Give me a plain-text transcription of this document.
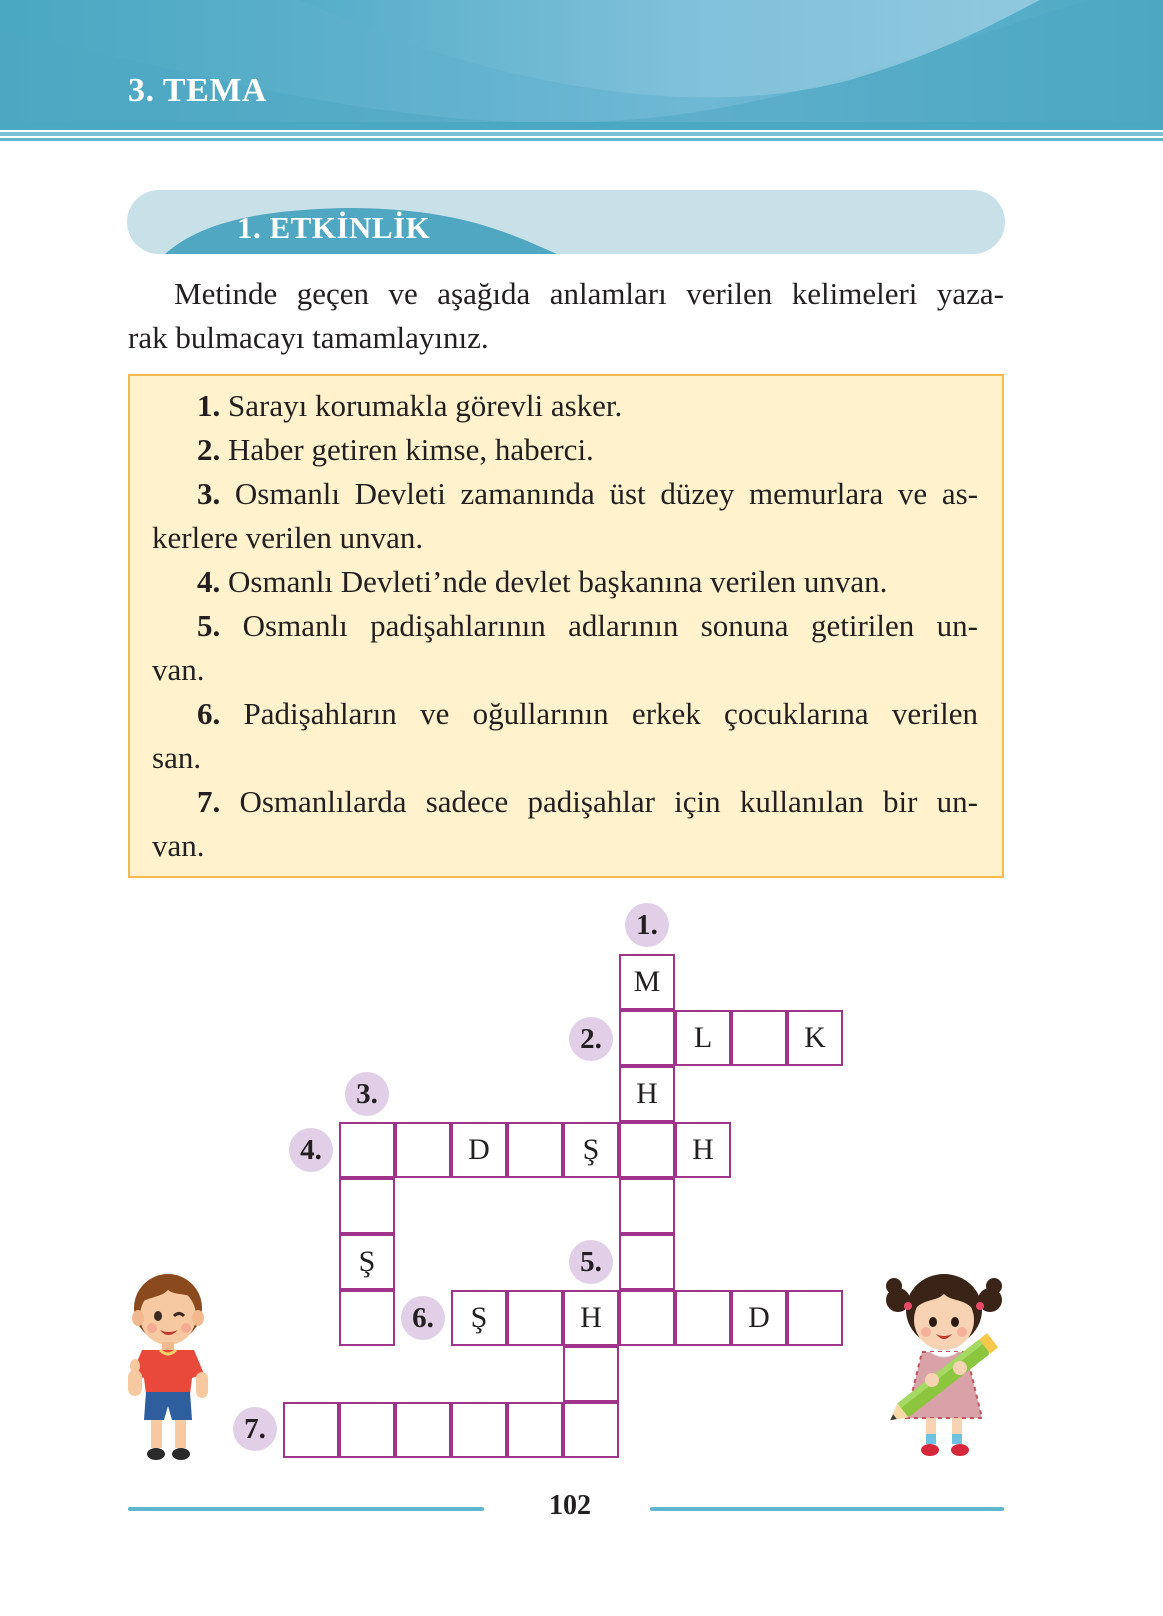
3. TEMA
1. ETKİNLİK
Metinde geçen ve aşağıda anlamları verilen kelimeleri yaza-
rak bulmacayı tamamlayınız.

1. Sarayı korumakla görevli asker.

2. Haber getiren kimse, haberci.

3. Osmanlı Devleti zamanında üst düzey memurlara ve as-
kerlere verilen unvan.

4. Osmanlı Devleti’nde devlet başkanına verilen unvan.

5. Osmanlı padişahlarının adlarının sonuna getirilen un-
van.

6. Padişahların ve oğullarının erkek çocuklarına verilen
san.

7. Osmanlılarda sadece padişahlar için kullanılan bir un-
van.

1.
2.
3.
4.
5.
6.
7.
M
L	K
H
D	Ş	H
Ş
Ş	H	D
102
